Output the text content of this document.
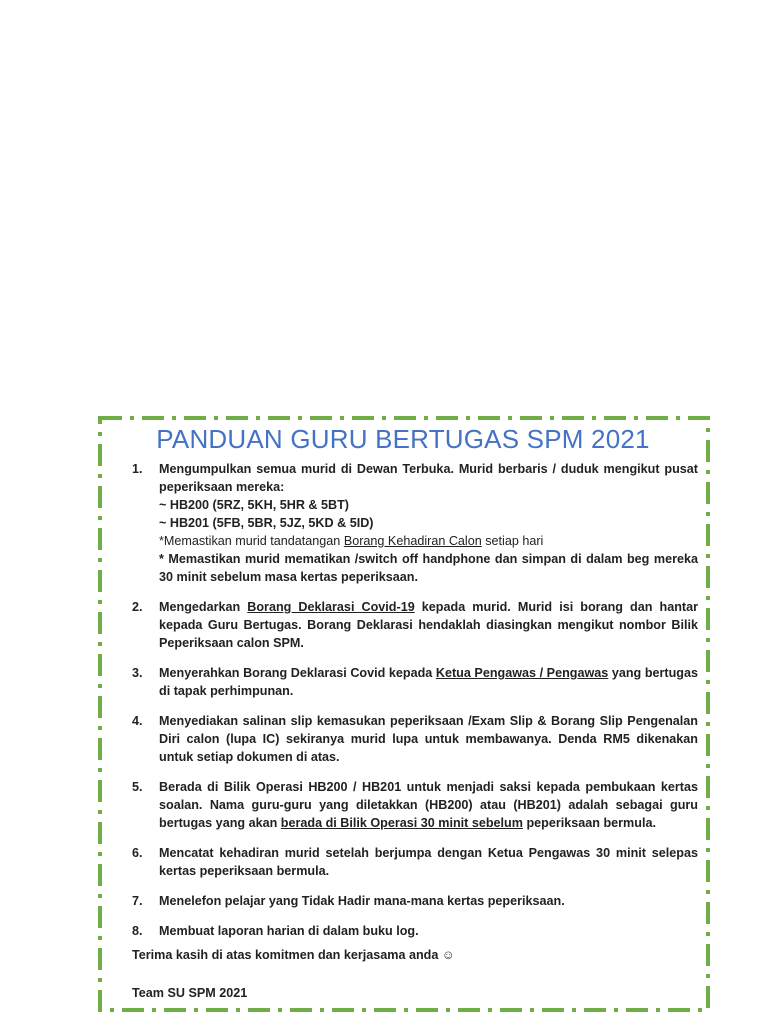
PANDUAN GURU BERTUGAS SPM 2021
1. Mengumpulkan semua murid di Dewan Terbuka. Murid berbaris / duduk mengikut pusat peperiksaan mereka:
~ HB200 (5RZ, 5KH, 5HR & 5BT)
~ HB201 (5FB, 5BR, 5JZ, 5KD & 5ID)
*Memastikan murid tandatangan Borang Kehadiran Calon setiap hari
* Memastikan murid mematikan /switch off handphone dan simpan di dalam beg mereka 30 minit sebelum masa kertas peperiksaan.
2. Mengedarkan Borang Deklarasi Covid-19 kepada murid. Murid isi borang dan hantar kepada Guru Bertugas. Borang Deklarasi hendaklah diasingkan mengikut nombor Bilik Peperiksaan calon SPM.
3. Menyerahkan Borang Deklarasi Covid kepada Ketua Pengawas / Pengawas yang bertugas di tapak perhimpunan.
4. Menyediakan salinan slip kemasukan peperiksaan /Exam Slip & Borang Slip Pengenalan Diri calon (lupa IC) sekiranya murid lupa untuk membawanya. Denda RM5 dikenakan untuk setiap dokumen di atas.
5. Berada di Bilik Operasi HB200 / HB201 untuk menjadi saksi kepada pembukaan kertas soalan. Nama guru-guru yang diletakkan (HB200) atau (HB201) adalah sebagai guru bertugas yang akan berada di Bilik Operasi 30 minit sebelum peperiksaan bermula.
6. Mencatat kehadiran murid setelah berjumpa dengan Ketua Pengawas 30 minit selepas kertas peperiksaan bermula.
7. Menelefon pelajar yang Tidak Hadir mana-mana kertas peperiksaan.
8. Membuat laporan harian di dalam buku log.
Terima kasih di atas komitmen dan kerjasama anda ☺
Team SU SPM 2021
